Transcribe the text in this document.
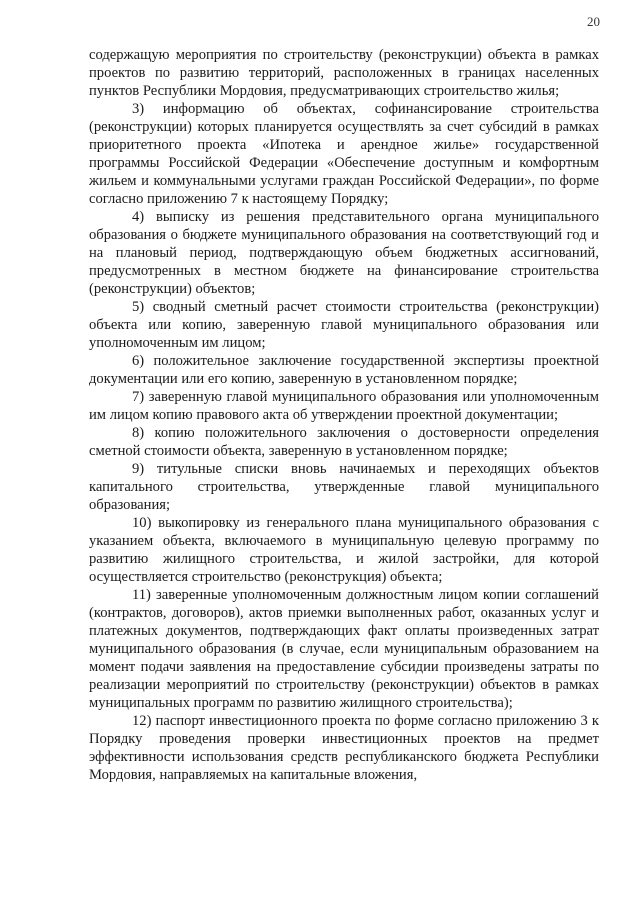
20

содержащую мероприятия по строительству (реконструкции) объекта в рамках проектов по развитию территорий, расположенных в границах населенных пунктов Республики Мордовия, предусматривающих строительство жилья;

3) информацию об объектах, софинансирование строительства (реконструкции) которых планируется осуществлять за счет субсидий в рамках приоритетного проекта «Ипотека и арендное жилье» государственной программы Российской Федерации «Обеспечение доступным и комфортным жильем и коммунальными услугами граждан Российской Федерации», по форме согласно приложению 7 к настоящему Порядку;

4) выписку из решения представительного органа муниципального образования о бюджете муниципального образования на соответствующий год и на плановый период, подтверждающую объем бюджетных ассигнований, предусмотренных в местном бюджете на финансирование строительства (реконструкции) объектов;

5) сводный сметный расчет стоимости строительства (реконструкции) объекта или копию, заверенную главой муниципального образования или уполномоченным им лицом;

6) положительное заключение государственной экспертизы проектной документации или его копию, заверенную в установленном порядке;

7) заверенную главой муниципального образования или уполномоченным им лицом копию правового акта об утверждении проектной документации;

8) копию положительного заключения о достоверности определения сметной стоимости объекта, заверенную в установленном порядке;

9) титульные списки вновь начинаемых и переходящих объектов капитального строительства, утвержденные главой муниципального образования;

10) выкопировку из генерального плана муниципального образования с указанием объекта, включаемого в муниципальную целевую программу по развитию жилищного строительства, и жилой застройки, для которой осуществляется строительство (реконструкция) объекта;

11) заверенные уполномоченным должностным лицом копии соглашений (контрактов, договоров), актов приемки выполненных работ, оказанных услуг и платежных документов, подтверждающих факт оплаты произведенных затрат муниципального образования (в случае, если муниципальным образованием на момент подачи заявления на предоставление субсидии произведены затраты по реализации мероприятий по строительству (реконструкции) объектов в рамках муниципальных программ по развитию жилищного строительства);

12) паспорт инвестиционного проекта по форме согласно приложению 3 к Порядку проведения проверки инвестиционных проектов на предмет эффективности использования средств республиканского бюджета Республики Мордовия, направляемых на капитальные вложения,
